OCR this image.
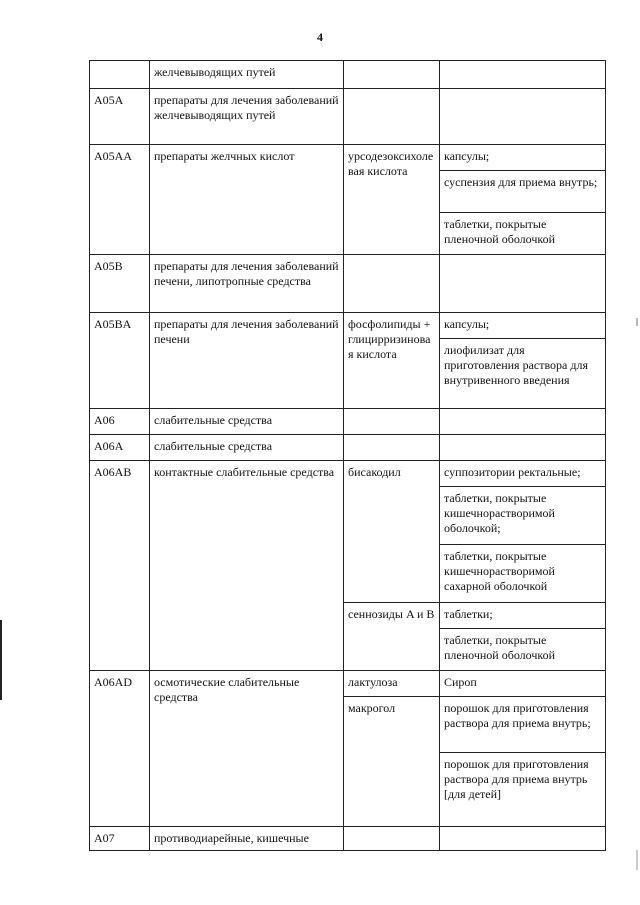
4
	желчевыводящих путей		
A05A	препараты для лечения заболеваний желчевыводящих путей		
A05AA	препараты желчных кислот	урсодезоксихолевая кислота	капсулы;
			суспензия для приема внутрь;
			таблетки, покрытые пленочной оболочкой
A05B	препараты для лечения заболеваний печени, липотропные средства		
A05BA	препараты для лечения заболеваний печени	фосфолипиды + глицирризиновая кислота	капсулы;
			лиофилизат для приготовления раствора для внутривенного введения
A06	слабительные средства		
A06A	слабительные средства		
A06AB	контактные слабительные средства	бисакодил	суппозитории ректальные;
			таблетки, покрытые кишечнорастворимой оболочкой;
			таблетки, покрытые кишечнорастворимой сахарной оболочкой
		сеннозиды A и B	таблетки;
			таблетки, покрытые пленочной оболочкой
A06AD	осмотические слабительные средства	лактулоза	Сироп
		макрогол	порошок для приготовления раствора для приема внутрь;
			порошок для приготовления раствора для приема внутрь [для детей]
A07	противодиарейные, кишечные		
